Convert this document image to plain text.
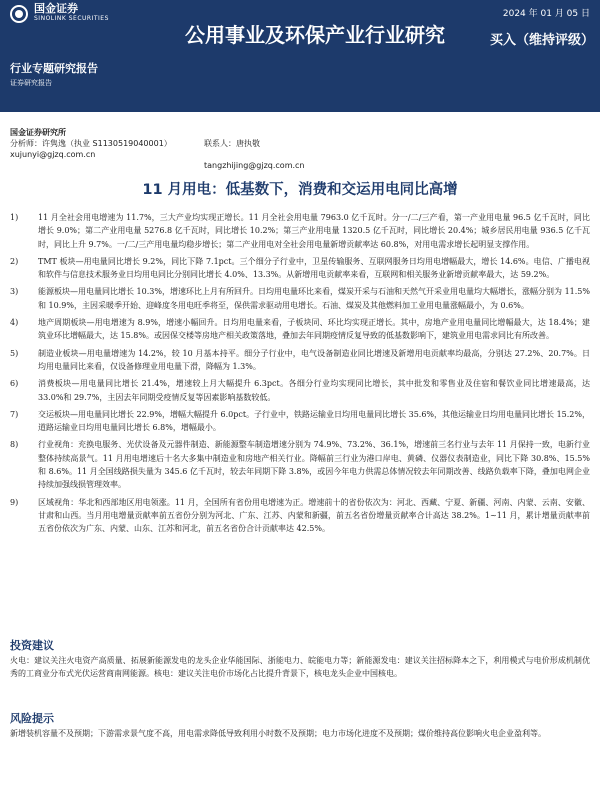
国金证券
SINOLINK SECURITIES
行业专题研究报告
证券研究报告
公用事业及环保产业行业研究
2024 年 01 月 05 日
买入（维持评级）
国金证券研究所
分析师：许隽逸（执业 S1130519040001）	联系人：唐执敬
xujunyi@gjzq.com.cn
tangzhijing@gjzq.com.cn
11 月用电：低基数下，消费和交运用电同比高增
1)	11 月全社会用电增速为 11.7%，三大产业均实现正增长。11 月全社会用电量 7963.0 亿千瓦时。分一/二/三产看，第一产业用电量 96.5 亿千瓦时，同比增长 9.0%；第二产业用电量 5276.8 亿千瓦时，同比增长 10.2%；第三产业用电量 1320.5 亿千瓦时，同比增长 20.4%；城乡居民用电量 936.5 亿千瓦时，同比上升 9.7%。一/二/三产用电量均稳步增长；第二产业用电对全社会用电量新增贡献率达 60.8%，对用电需求增长起明显支撑作用。
2)	TMT 板块—用电量同比增长 9.2%，同比下降 7.1pct。三个细分子行业中，卫星传输服务、互联网服务日均用电增幅最大，增长 14.6%。电信、广播电视和软件与信息技术服务业日均用电同比分别同比增长 4.0%、13.3%。从新增用电贡献率来看，互联网和相关服务业新增贡献率最大，达 59.2%。
3)	能源板块—用电量同比增长 10.3%，增速环比上月有所回升。日均用电量环比来看，煤炭开采与石油和天然气开采业用电量均大幅增长，涨幅分别为 11.5%和 10.9%，主因采暖季开始、迎峰度冬用电旺季将至，保供需求驱动用电增长。石油、煤炭及其他燃料加工业用电量涨幅最小，为 0.6%。
4)	地产周期板块—用电增速为 8.9%，增速小幅回升。日均用电量来看，子板块同、环比均实现正增长。其中，房地产业用电量同比增幅最大，达 18.4%；建筑业环比增幅最大，达 15.8%。或因保交楼等房地产相关政策落地，叠加去年同期疫情反复导致的低基数影响下，建筑业用电需求同比有所改善。
5)	制造业板块—用电量增速为 14.2%，较 10 月基本持平。细分子行业中，电气设备制造业同比增速及新增用电贡献率均最高，分别达 27.2%、20.7%。日均用电量同比来看，仅设备修理业用电量下滑，降幅为 1.3%。
6)	消费板块—用电量同比增长 21.4%，增速较上月大幅提升 6.3pct。各细分行业均实现同比增长，其中批发和零售业及住宿和餐饮业同比增速最高，达 33.0%和 29.7%，主因去年同期受疫情反复等因素影响基数较低。
7)	交运板块—用电量同比增长 22.9%，增幅大幅提升 6.0pct。子行业中，铁路运输业日均用电量同比增长 35.6%，其他运输业日均用电量同比增长 15.2%，道路运输业日均用电量同比增长 6.8%，增幅最小。
8)	行业视角：充换电服务、光伏设备及元器件制造、新能源整车制造增速分别为 74.9%、73.2%、36.1%，增速前三名行业与去年 11 月保持一致，电新行业整体持续高景气。11 月用电增速后十名大多集中制造业和房地产相关行业。降幅前三行业为港口岸电、黄磷、仪器仪表制造业，同比下降 30.8%、15.5%和 8.6%。11 月全国线路损失量为 345.6 亿千瓦时，较去年同期下降 3.8%，或因今年电力供需总体情况较去年同期改善、线路负载率下降，叠加电网企业持续加强线损管理效率。
9)	区域视角：华北和西部地区用电领涨。11 月，全国所有省份用电增速为正。增速前十的省份依次为：河北、西藏、宁夏、新疆、河南、内蒙、云南、安徽、甘肃和山西。当月用电增量贡献率前五省份分别为河北、广东、江苏、内蒙和新疆，前五名省份增量贡献率合计高达 38.2%。1~11 月，累计增量贡献率前五省份依次为广东、内蒙、山东、江苏和河北，前五名省份合计贡献率达 42.5%。
投资建议
火电：建议关注火电资产高质量、拓展新能源发电的龙头企业华能国际、浙能电力、皖能电力等；新能源发电：建议关注招标降本之下，利用模式与电价形成机制优秀的工商业分布式光伏运营商南网能源。核电：建议关注电价市场化占比提升背景下，核电龙头企业中国核电。
风险提示
新增装机容量不及预期；下游需求景气度不高，用电需求降低导致利用小时数不及预期；电力市场化进度不及预期；煤价维持高位影响火电企业盈利等。
